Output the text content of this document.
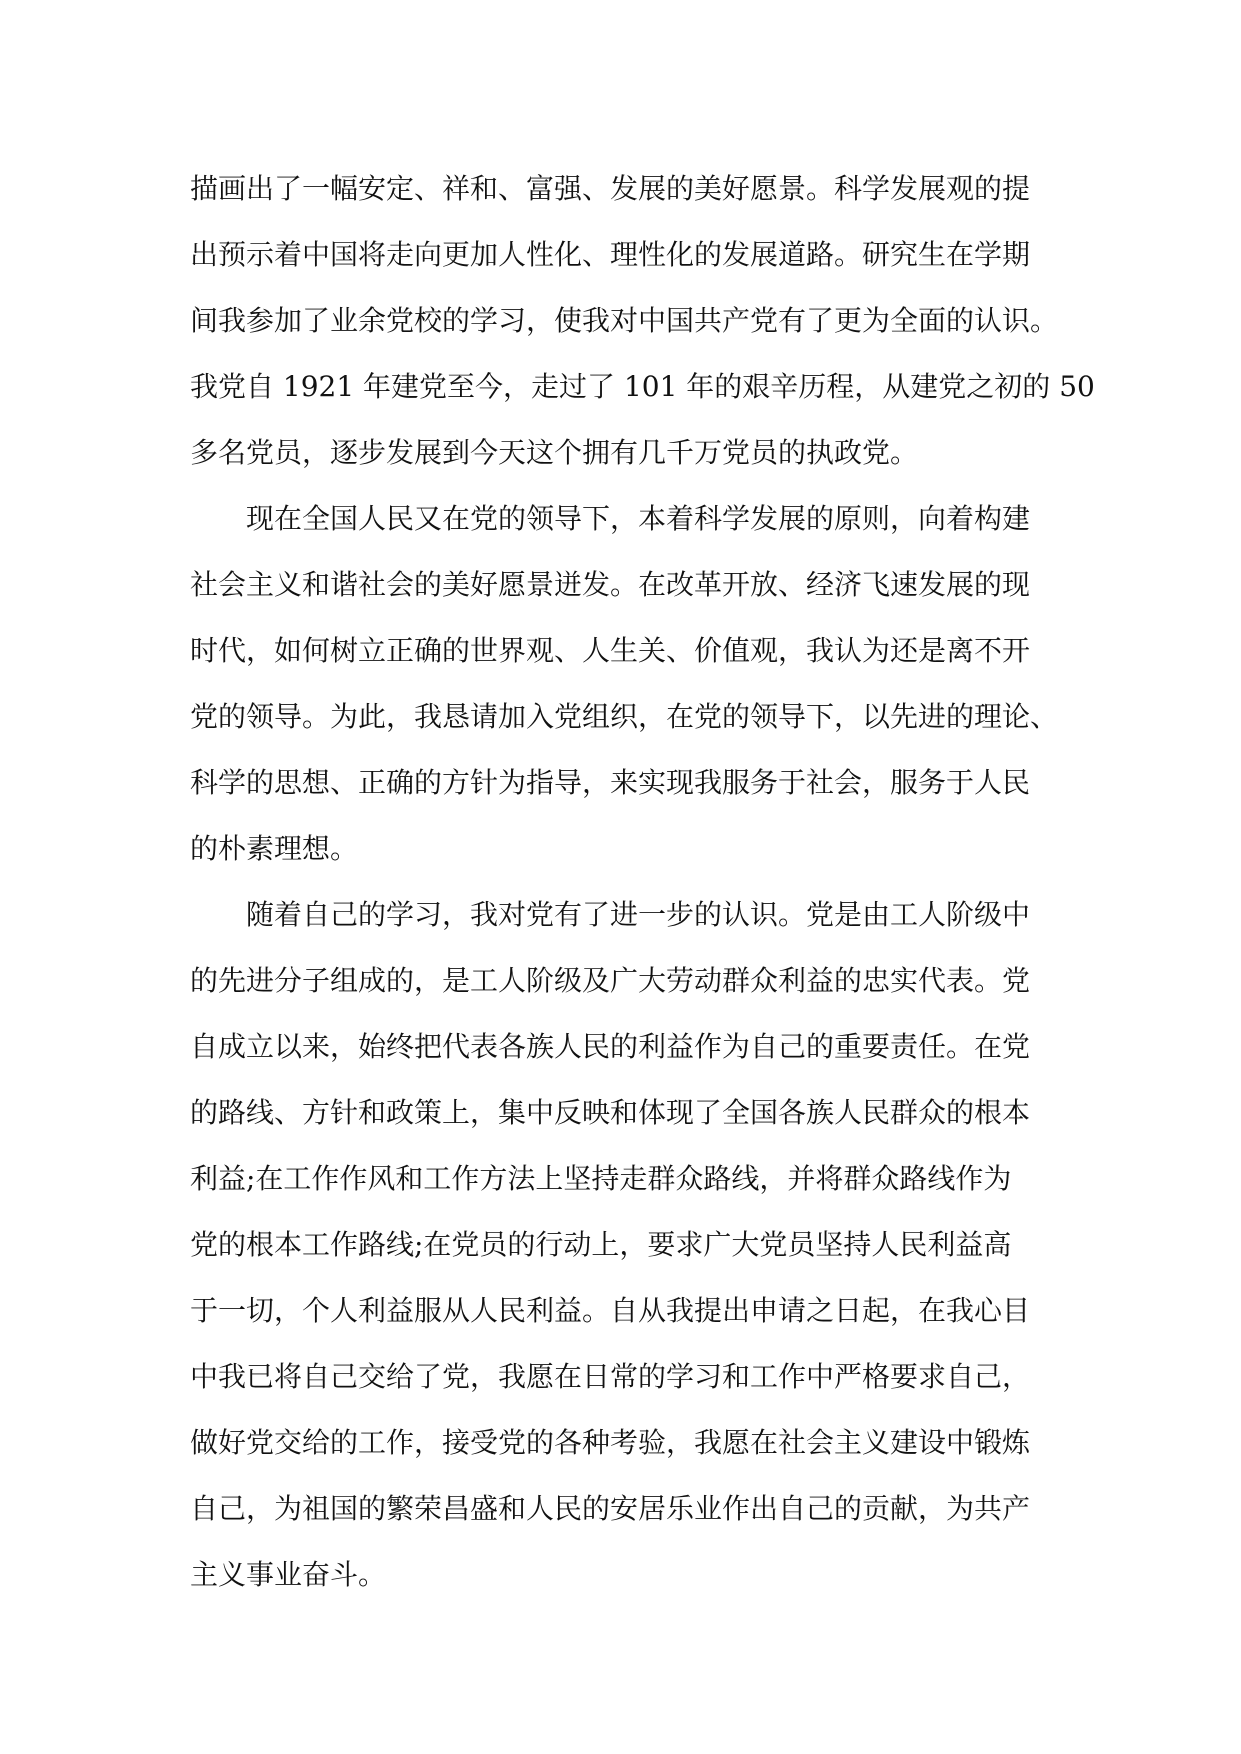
描画出了一幅安定、祥和、富强、发展的美好愿景。科学发展观的提
出预示着中国将走向更加人性化、理性化的发展道路。研究生在学期
间我参加了业余党校的学习，使我对中国共产党有了更为全面的认识。
我党自 1921 年建党至今，走过了 101 年的艰辛历程，从建党之初的 50
多名党员，逐步发展到今天这个拥有几千万党员的执政党。
现在全国人民又在党的领导下，本着科学发展的原则，向着构建
社会主义和谐社会的美好愿景迸发。在改革开放、经济飞速发展的现
时代，如何树立正确的世界观、人生关、价值观，我认为还是离不开
党的领导。为此，我恳请加入党组织，在党的领导下，以先进的理论、
科学的思想、正确的方针为指导，来实现我服务于社会，服务于人民
的朴素理想。
随着自己的学习，我对党有了进一步的认识。党是由工人阶级中
的先进分子组成的，是工人阶级及广大劳动群众利益的忠实代表。党
自成立以来，始终把代表各族人民的利益作为自己的重要责任。在党
的路线、方针和政策上，集中反映和体现了全国各族人民群众的根本
利益;在工作作风和工作方法上坚持走群众路线，并将群众路线作为
党的根本工作路线;在党员的行动上，要求广大党员坚持人民利益高
于一切，个人利益服从人民利益。自从我提出申请之日起，在我心目
中我已将自己交给了党，我愿在日常的学习和工作中严格要求自己，
做好党交给的工作，接受党的各种考验，我愿在社会主义建设中锻炼
自己，为祖国的繁荣昌盛和人民的安居乐业作出自己的贡献，为共产
主义事业奋斗。
